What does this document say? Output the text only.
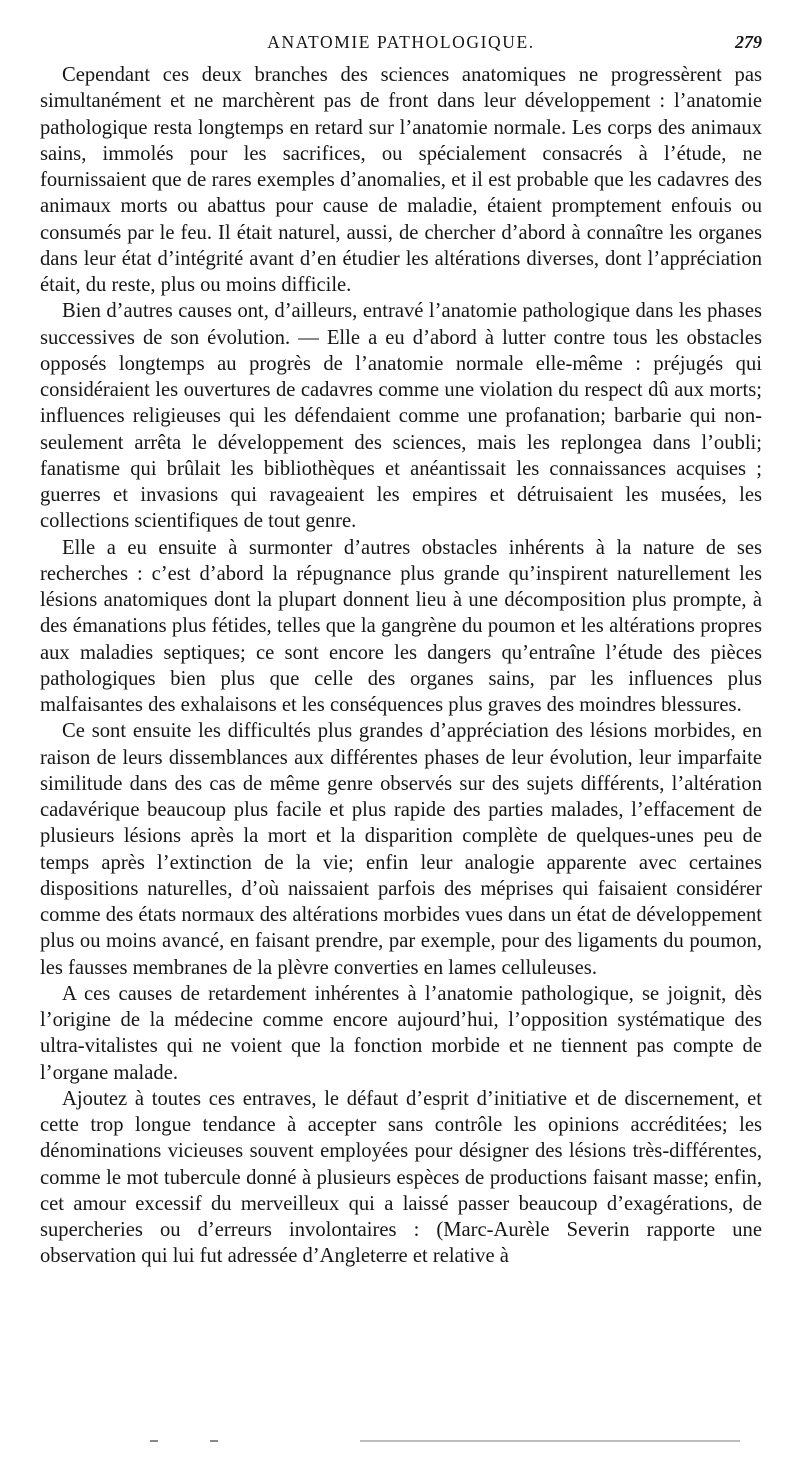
ANATOMIE PATHOLOGIQUE.	279

Cependant ces deux branches des sciences anatomiques ne progressèrent pas simultanément et ne marchèrent pas de front dans leur développement : l’anatomie pathologique resta longtemps en retard sur l’anatomie normale. Les corps des animaux sains, immolés pour les sacrifices, ou spécialement consacrés à l’étude, ne fournissaient que de rares exemples d’anomalies, et il est probable que les cadavres des animaux morts ou abattus pour cause de maladie, étaient promptement enfouis ou consumés par le feu. Il était naturel, aussi, de chercher d’abord à connaître les organes dans leur état d’intégrité avant d’en étudier les altérations diverses, dont l’appréciation était, du reste, plus ou moins difficile.

Bien d’autres causes ont, d’ailleurs, entravé l’anatomie pathologique dans les phases successives de son évolution. — Elle a eu d’abord à lutter contre tous les obstacles opposés longtemps au progrès de l’anatomie normale elle-même : préjugés qui considéraient les ouvertures de cadavres comme une violation du respect dû aux morts; influences religieuses qui les défendaient comme une profanation; barbarie qui non-seulement arrêta le développement des sciences, mais les replongea dans l’oubli; fanatisme qui brûlait les bibliothèques et anéantissait les connaissances acquises ; guerres et invasions qui ravageaient les empires et détruisaient les musées, les collections scientifiques de tout genre.

Elle a eu ensuite à surmonter d’autres obstacles inhérents à la nature de ses recherches : c’est d’abord la répugnance plus grande qu’inspirent naturellement les lésions anatomiques dont la plupart donnent lieu à une décomposition plus prompte, à des émanations plus fétides, telles que la gangrène du poumon et les altérations propres aux maladies septiques; ce sont encore les dangers qu’entraîne l’étude des pièces pathologiques bien plus que celle des organes sains, par les influences plus malfaisantes des exhalaisons et les conséquences plus graves des moindres blessures.

Ce sont ensuite les difficultés plus grandes d’appréciation des lésions morbides, en raison de leurs dissemblances aux différentes phases de leur évolution, leur imparfaite similitude dans des cas de même genre observés sur des sujets différents, l’altération cadavérique beaucoup plus facile et plus rapide des parties malades, l’effacement de plusieurs lésions après la mort et la disparition complète de quelques-unes peu de temps après l’extinction de la vie; enfin leur analogie apparente avec certaines dispositions naturelles, d’où naissaient parfois des méprises qui faisaient considérer comme des états normaux des altérations morbides vues dans un état de développement plus ou moins avancé, en faisant prendre, par exemple, pour des ligaments du poumon, les fausses membranes de la plèvre converties en lames celluleuses.

A ces causes de retardement inhérentes à l’anatomie pathologique, se joignit, dès l’origine de la médecine comme encore aujourd’hui, l’opposition systématique des ultra-vitalistes qui ne voient que la fonction morbide et ne tiennent pas compte de l’organe malade.

Ajoutez à toutes ces entraves, le défaut d’esprit d’initiative et de discernement, et cette trop longue tendance à accepter sans contrôle les opinions accréditées; les dénominations vicieuses souvent employées pour désigner des lésions très-différentes, comme le mot tubercule donné à plusieurs espèces de productions faisant masse; enfin, cet amour excessif du merveilleux qui a laissé passer beaucoup d’exagérations, de supercheries ou d’erreurs involontaires : (Marc-Aurèle Severin rapporte une observation qui lui fut adressée d’Angleterre et relative à
